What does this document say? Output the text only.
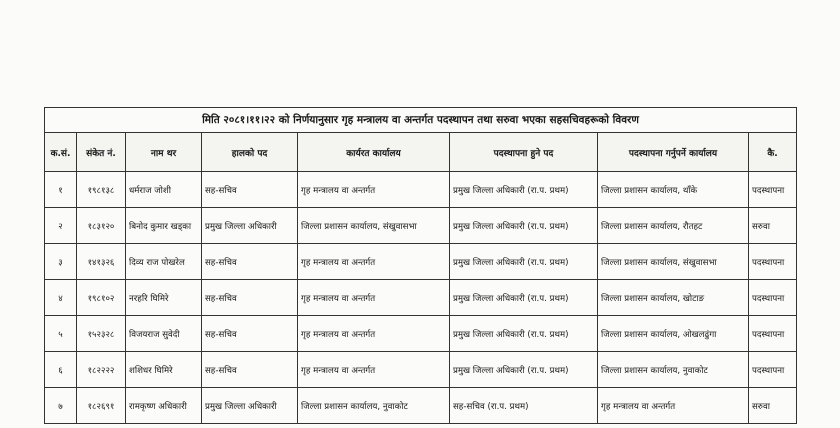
मिति २०८१।११।२२ को निर्णयानुसार गृह मन्त्रालय वा अन्तर्गत पदस्थापन तथा सरुवा भएका सहसचिवहरूको विवरण							
क.सं.	संकेत नं.	नाम थर	हालको पद	कार्यरत कार्यालय	पदस्थापना हुने पद	पदस्थापना गर्नुपर्ने कार्यालय	कै.
१	१९८१३८	धर्मराज जोशी	सह-सचिव	गृह मन्त्रालय वा अन्तर्गत	प्रमुख जिल्ला अधिकारी (रा.प. प्रथम)	जिल्ला प्रशासन कार्यालय, थाँके	पदस्थापना
२	१८३१२०	बिनोद कुमार खड्का	प्रमुख जिल्ला अधिकारी	जिल्ला प्रशासन कार्यालय, संखुवासभा	प्रमुख जिल्ला अधिकारी (रा.प. प्रथम)	जिल्ला प्रशासन कार्यालय, रौतहट	सरुवा
३	१४१३२६	दिव्य राज पोखरेल	सह-सचिव	गृह मन्त्रालय वा अन्तर्गत	प्रमुख जिल्ला अधिकारी (रा.प. प्रथम)	जिल्ला प्रशासन कार्यालय, संखुवासभा	पदस्थापना
४	१९८१०२	नरहरि घिमिरे	सह-सचिव	गृह मन्त्रालय वा अन्तर्गत	प्रमुख जिल्ला अधिकारी (रा.प. प्रथम)	जिल्ला प्रशासन कार्यालय, खोटाङ	पदस्थापना
५	१५२३२८	विजयराज सुवेदी	सह-सचिव	गृह मन्त्रालय वा अन्तर्गत	प्रमुख जिल्ला अधिकारी (रा.प. प्रथम)	जिल्ला प्रशासन कार्यालय, ओखलढुंगा	पदस्थापना
६	१८२२२२	शशिधर घिमिरे	सह-सचिव	गृह मन्त्रालय वा अन्तर्गत	प्रमुख जिल्ला अधिकारी (रा.प. प्रथम)	जिल्ला प्रशासन कार्यालय, नुवाकोट	पदस्थापना
७	१८२६९१	रामकृष्ण अधिकारी	प्रमुख जिल्ला अधिकारी	जिल्ला प्रशासन कार्यालय, नुवाकोट	सह-सचिव (रा.प. प्रथम)	गृह मन्त्रालय वा अन्तर्गत	सरुवा
